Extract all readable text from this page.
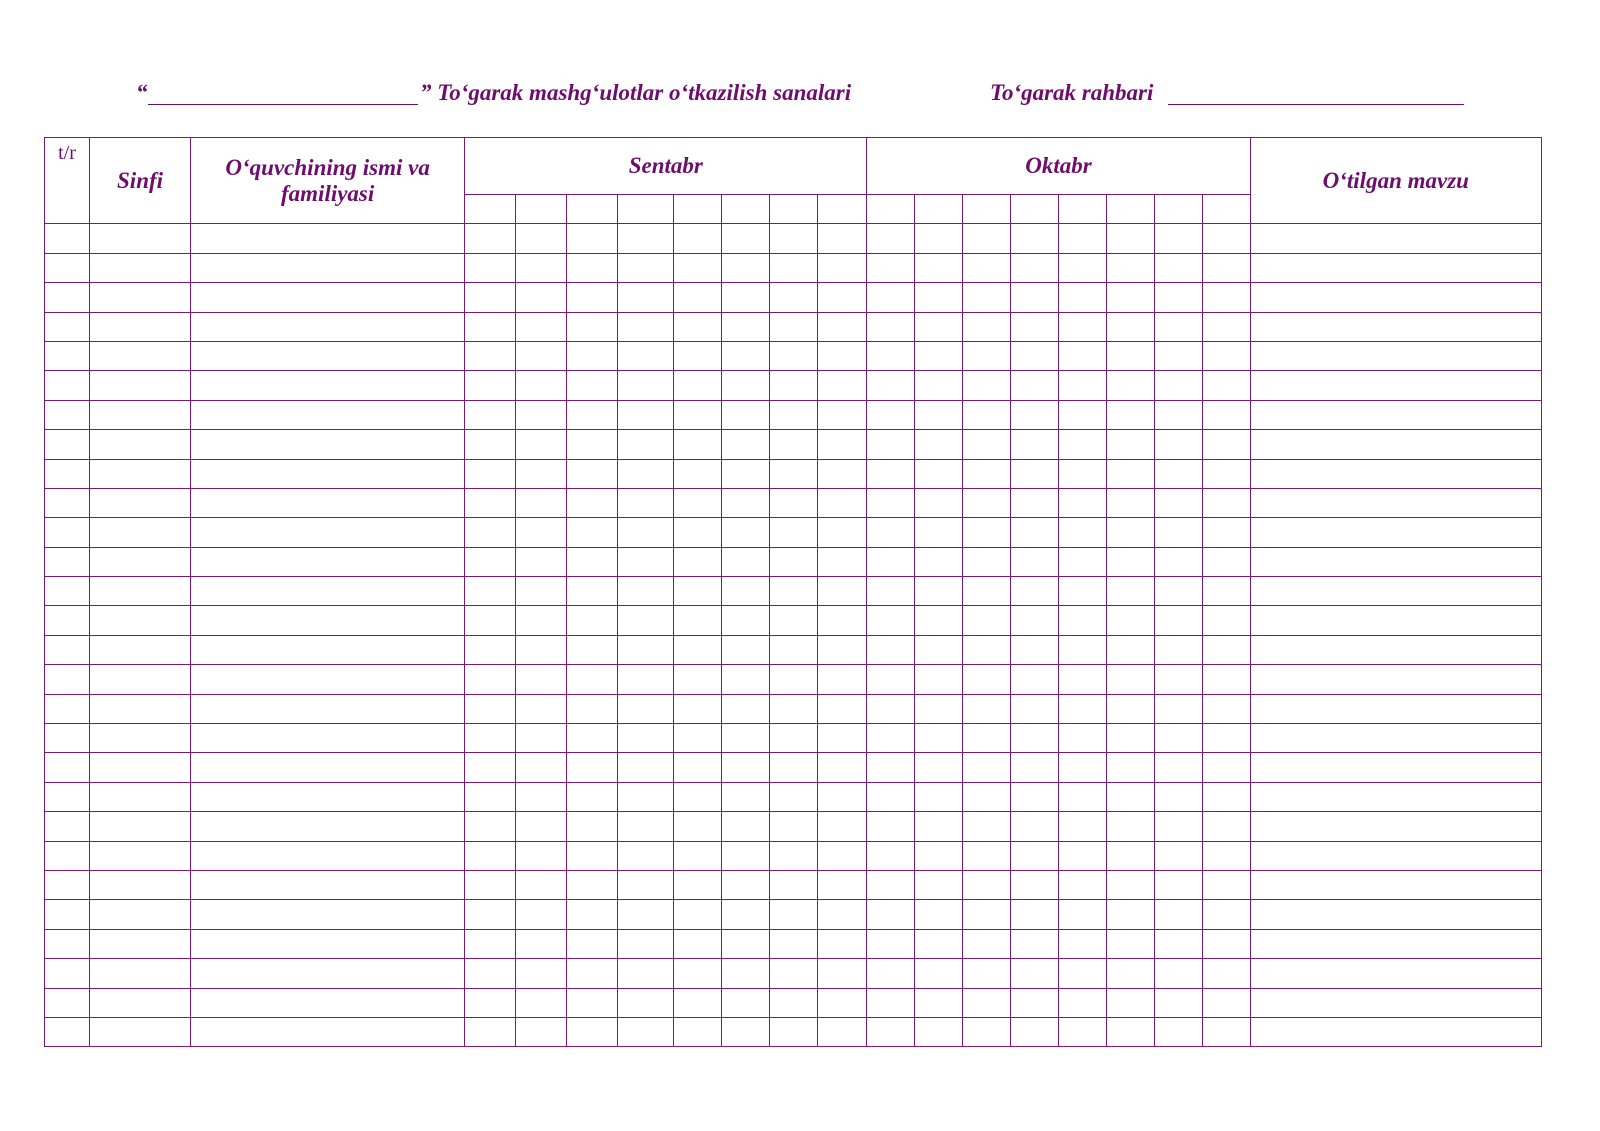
“	” To‘garak mashg‘ulotlar o‘tkazilish sanalari	To‘garak rahbari
t/r	Sinfi	O‘quvchining ismi va familiyasi	Sentabr								Oktabr								O‘tilgan mavzu
